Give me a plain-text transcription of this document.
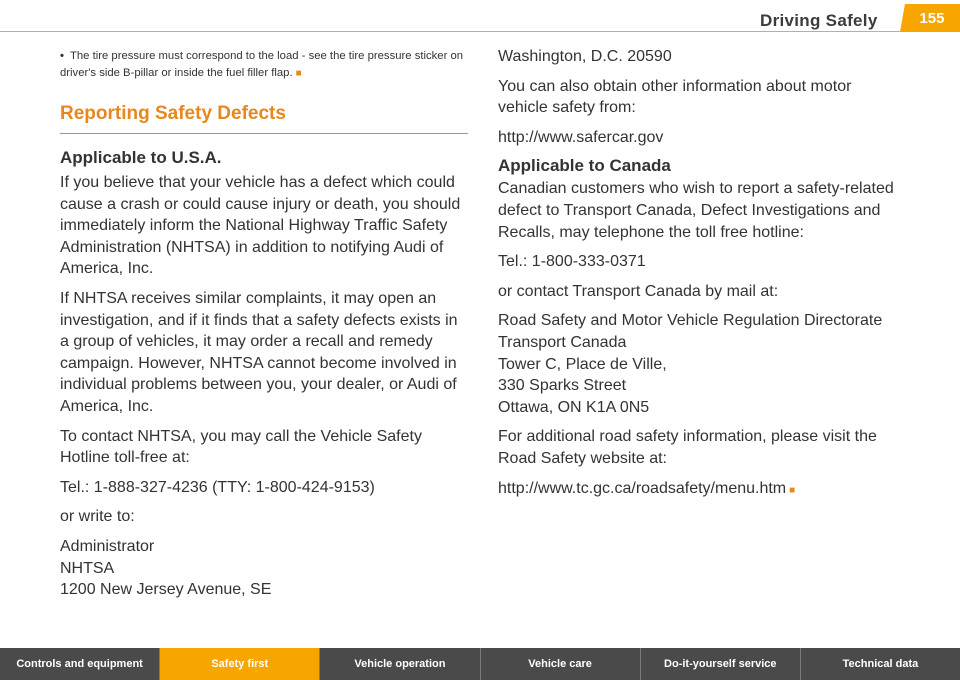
Driving Safely	155

• The tire pressure must correspond to the load - see the tire pressure sticker on driver's side B-pillar or inside the fuel filler flap. ■

Reporting Safety Defects
Applicable to U.S.A.

If you believe that your vehicle has a defect which could cause a crash or could cause injury or death, you should immediately inform the National Highway Traffic Safety Administration (NHTSA) in addition to notifying Audi of America, Inc.

If NHTSA receives similar complaints, it may open an investigation, and if it finds that a safety defects exists in a group of vehicles, it may order a recall and remedy campaign. However, NHTSA cannot become involved in individual problems between you, your dealer, or Audi of America, Inc.

To contact NHTSA, you may call the Vehicle Safety Hotline toll-free at:

Tel.: 1-888-327-4236 (TTY: 1-800-424-9153)

or write to:

Administrator
NHTSA
1200 New Jersey Avenue, SE

Washington, D.C. 20590

You can also obtain other information about motor vehicle safety from:

http://www.safercar.gov

Applicable to Canada

Canadian customers who wish to report a safety-related defect to Transport Canada, Defect Investigations and Recalls, may telephone the toll free hotline:

Tel.: 1-800-333-0371

or contact Transport Canada by mail at:

Road Safety and Motor Vehicle Regulation Directorate
Transport Canada
Tower C, Place de Ville,
330 Sparks Street
Ottawa, ON K1A 0N5

For additional road safety information, please visit the Road Safety website at:

http://www.tc.gc.ca/roadsafety/menu.htm ■

Controls and equipment	Safety first	Vehicle operation	Vehicle care	Do-it-yourself service	Technical data
